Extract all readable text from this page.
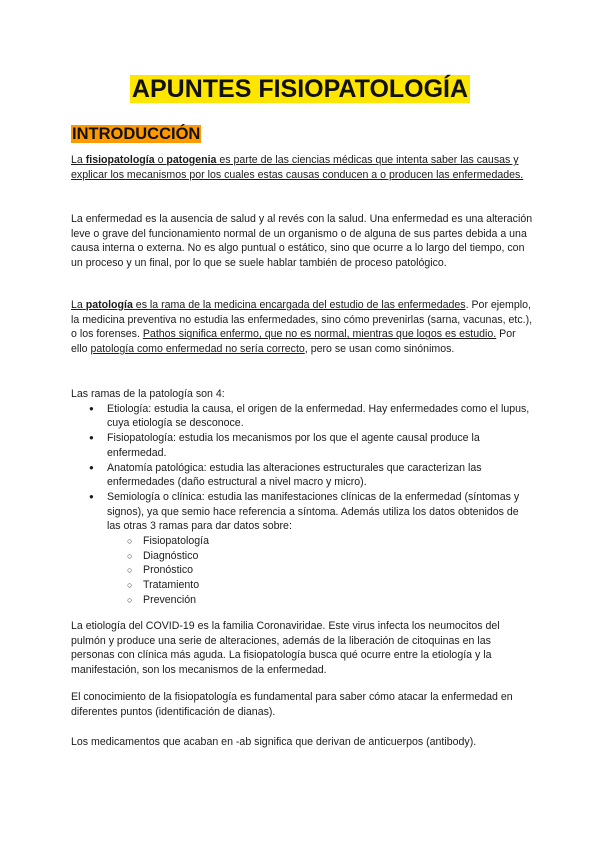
APUNTES FISIOPATOLOGÍA
INTRODUCCIÓN

La fisiopatología o patogenia es parte de las ciencias médicas que intenta saber las causas y explicar los mecanismos por los cuales estas causas conducen a o producen las enfermedades.

La enfermedad es la ausencia de salud y al revés con la salud. Una enfermedad es una alteración leve o grave del funcionamiento normal de un organismo o de alguna de sus partes debida a una causa interna o externa. No es algo puntual o estático, sino que ocurre a lo largo del tiempo, con un proceso y un final, por lo que se suele hablar también de proceso patológico.

La patología es la rama de la medicina encargada del estudio de las enfermedades. Por ejemplo, la medicina preventiva no estudia las enfermedades, sino cómo prevenirlas (sarna, vacunas, etc.), o los forenses. Pathos significa enfermo, que no es normal, mientras que logos es estudio. Por ello patología como enfermedad no sería correcto, pero se usan como sinónimos.

Las ramas de la patología son 4:
● Etiología: estudia la causa, el origen de la enfermedad. Hay enfermedades como el lupus, cuya etiología se desconoce.
● Fisiopatología: estudia los mecanismos por los que el agente causal produce la enfermedad.
● Anatomía patológica: estudia las alteraciones estructurales que caracterizan las enfermedades (daño estructural a nivel macro y micro).
● Semiología o clínica: estudia las manifestaciones clínicas de la enfermedad (síntomas y signos), ya que semio hace referencia a síntoma. Además utiliza los datos obtenidos de las otras 3 ramas para dar datos sobre:
○ Fisiopatología
○ Diagnóstico
○ Pronóstico
○ Tratamiento
○ Prevención

La etiología del COVID-19 es la familia Coronaviridae. Este virus infecta los neumocitos del pulmón y produce una serie de alteraciones, además de la liberación de citoquinas en las personas con clínica más aguda. La fisiopatología busca qué ocurre entre la etiología y la manifestación, son los mecanismos de la enfermedad.

El conocimiento de la fisiopatología es fundamental para saber cómo atacar la enfermedad en diferentes puntos (identificación de dianas).

Los medicamentos que acaban en -ab significa que derivan de anticuerpos (antibody).
